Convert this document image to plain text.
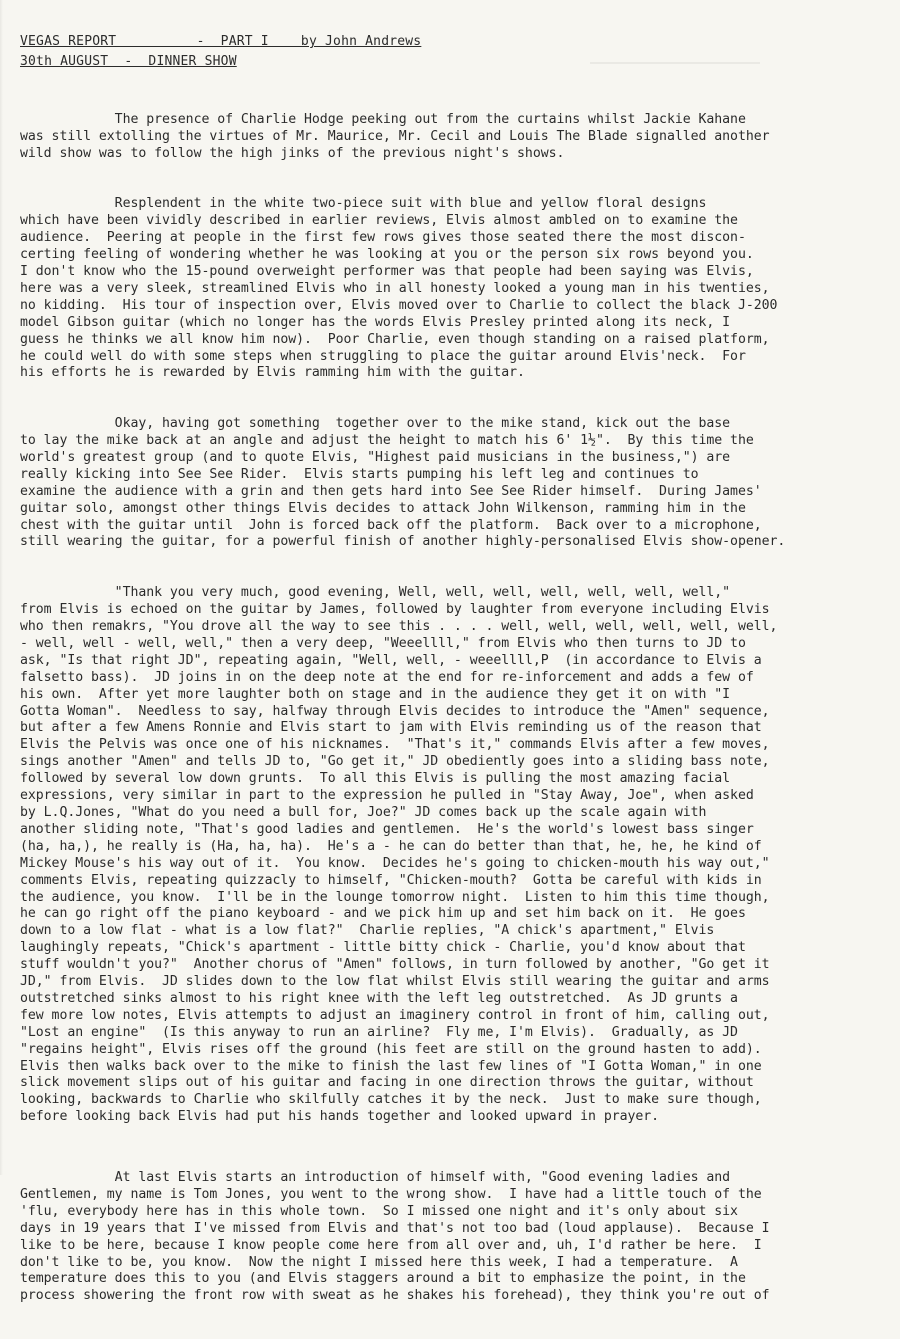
VEGAS REPORT          -  PART I    by John Andrews
30th AUGUST  -  DINNER SHOW

The presence of Charlie Hodge peeking out from the curtains whilst Jackie Kahane
was still extolling the virtues of Mr. Maurice, Mr. Cecil and Louis The Blade signalled another
wild show was to follow the high jinks of the previous night's shows.

Resplendent in the white two-piece suit with blue and yellow floral designs
which have been vividly described in earlier reviews, Elvis almost ambled on to examine the
audience.  Peering at people in the first few rows gives those seated there the most discon-
certing feeling of wondering whether he was looking at you or the person six rows beyond you.
I don't know who the 15-pound overweight performer was that people had been saying was Elvis,
here was a very sleek, streamlined Elvis who in all honesty looked a young man in his twenties,
no kidding.  His tour of inspection over, Elvis moved over to Charlie to collect the black J-200
model Gibson guitar (which no longer has the words Elvis Presley printed along its neck, I
guess he thinks we all know him now).  Poor Charlie, even though standing on a raised platform,
he could well do with some steps when struggling to place the guitar around Elvis'neck.  For
his efforts he is rewarded by Elvis ramming him with the guitar.

Okay, having got something  together over to the mike stand, kick out the base
to lay the mike back at an angle and adjust the height to match his 6' 1½".  By this time the
world's greatest group (and to quote Elvis, "Highest paid musicians in the business,") are
really kicking into See See Rider.  Elvis starts pumping his left leg and continues to
examine the audience with a grin and then gets hard into See See Rider himself.  During James'
guitar solo, amongst other things Elvis decides to attack John Wilkenson, ramming him in the
chest with the guitar until  John is forced back off the platform.  Back over to a microphone,
still wearing the guitar, for a powerful finish of another highly-personalised Elvis show-opener.

"Thank you very much, good evening, Well, well, well, well, well, well, well,"
from Elvis is echoed on the guitar by James, followed by laughter from everyone including Elvis
who then remakrs, "You drove all the way to see this . . . . well, well, well, well, well, well,
- well, well - well, well," then a very deep, "Weeellll," from Elvis who then turns to JD to
ask, "Is that right JD", repeating again, "Well, well, - weeellll,P  (in accordance to Elvis a
falsetto bass).  JD joins in on the deep note at the end for re-inforcement and adds a few of
his own.  After yet more laughter both on stage and in the audience they get it on with "I
Gotta Woman".  Needless to say, halfway through Elvis decides to introduce the "Amen" sequence,
but after a few Amens Ronnie and Elvis start to jam with Elvis reminding us of the reason that
Elvis the Pelvis was once one of his nicknames.  "That's it," commands Elvis after a few moves,
sings another "Amen" and tells JD to, "Go get it," JD obediently goes into a sliding bass note,
followed by several low down grunts.  To all this Elvis is pulling the most amazing facial
expressions, very similar in part to the expression he pulled in "Stay Away, Joe", when asked
by L.Q.Jones, "What do you need a bull for, Joe?" JD comes back up the scale again with
another sliding note, "That's good ladies and gentlemen.  He's the world's lowest bass singer
(ha, ha,), he really is (Ha, ha, ha).  He's a - he can do better than that, he, he, he kind of
Mickey Mouse's his way out of it.  You know.  Decides he's going to chicken-mouth his way out,"
comments Elvis, repeating quizzacly to himself, "Chicken-mouth?  Gotta be careful with kids in
the audience, you know.  I'll be in the lounge tomorrow night.  Listen to him this time though,
he can go right off the piano keyboard - and we pick him up and set him back on it.  He goes
down to a low flat - what is a low flat?"  Charlie replies, "A chick's apartment," Elvis
laughingly repeats, "Chick's apartment - little bitty chick - Charlie, you'd know about that
stuff wouldn't you?"  Another chorus of "Amen" follows, in turn followed by another, "Go get it
JD," from Elvis.  JD slides down to the low flat whilst Elvis still wearing the guitar and arms
outstretched sinks almost to his right knee with the left leg outstretched.  As JD grunts a
few more low notes, Elvis attempts to adjust an imaginery control in front of him, calling out,
"Lost an engine"  (Is this anyway to run an airline?  Fly me, I'm Elvis).  Gradually, as JD
"regains height", Elvis rises off the ground (his feet are still on the ground hasten to add).
Elvis then walks back over to the mike to finish the last few lines of "I Gotta Woman," in one
slick movement slips out of his guitar and facing in one direction throws the guitar, without
looking, backwards to Charlie who skilfully catches it by the neck.  Just to make sure though,
before looking back Elvis had put his hands together and looked upward in prayer.

At last Elvis starts an introduction of himself with, "Good evening ladies and
Gentlemen, my name is Tom Jones, you went to the wrong show.  I have had a little touch of the
'flu, everybody here has in this whole town.  So I missed one night and it's only about six
days in 19 years that I've missed from Elvis and that's not too bad (loud applause).  Because I
like to be here, because I know people come here from all over and, uh, I'd rather be here.  I
don't like to be, you know.  Now the night I missed here this week, I had a temperature.  A
temperature does this to you (and Elvis staggers around a bit to emphasize the point, in the
process showering the front row with sweat as he shakes his forehead), they think you're out of
